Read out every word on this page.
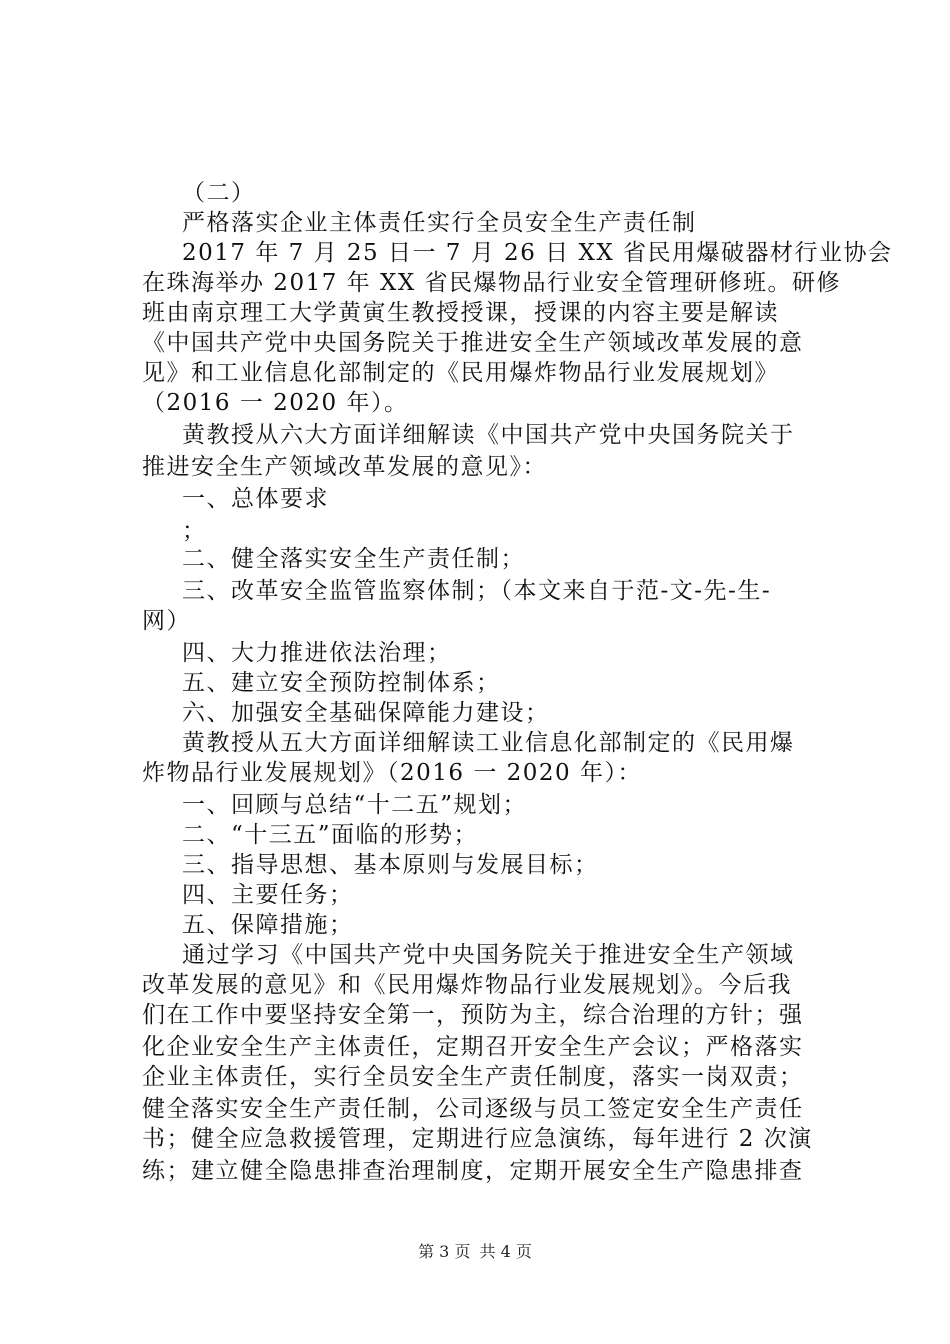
（二）
严格落实企业主体责任实行全员安全生产责任制
2017 年 7 月 25 日一 7 月 26 日 XX 省民用爆破器材行业协会
在珠海举办 2017 年 XX 省民爆物品行业安全管理研修班。研修
班由南京理工大学黄寅生教授授课，授课的内容主要是解读
《中国共产党中央国务院关于推进安全生产领域改革发展的意
见》和工业信息化部制定的《民用爆炸物品行业发展规划》
（2016 一 2020 年）。
黄教授从六大方面详细解读《中国共产党中央国务院关于
推进安全生产领域改革发展的意见》：
一、总体要求
；
二、健全落实安全生产责任制；
三、改革安全监管监察体制；（本文来自于范-文-先-生-
网）
四、大力推进依法治理；
五、建立安全预防控制体系；
六、加强安全基础保障能力建设；
黄教授从五大方面详细解读工业信息化部制定的《民用爆
炸物品行业发展规划》（2016 一 2020 年）：
一、回顾与总结“十二五”规划；
二、“十三五”面临的形势；
三、指导思想、基本原则与发展目标；
四、主要任务；
五、保障措施；
通过学习《中国共产党中央国务院关于推进安全生产领域
改革发展的意见》和《民用爆炸物品行业发展规划》。今后我
们在工作中要坚持安全第一，预防为主，综合治理的方针；强
化企业安全生产主体责任，定期召开安全生产会议；严格落实
企业主体责任，实行全员安全生产责任制度，落实一岗双责；
健全落实安全生产责任制，公司逐级与员工签定安全生产责任
书；健全应急救援管理，定期进行应急演练，每年进行 2 次演
练；建立健全隐患排查治理制度，定期开展安全生产隐患排查
第 3 页 共 4 页
